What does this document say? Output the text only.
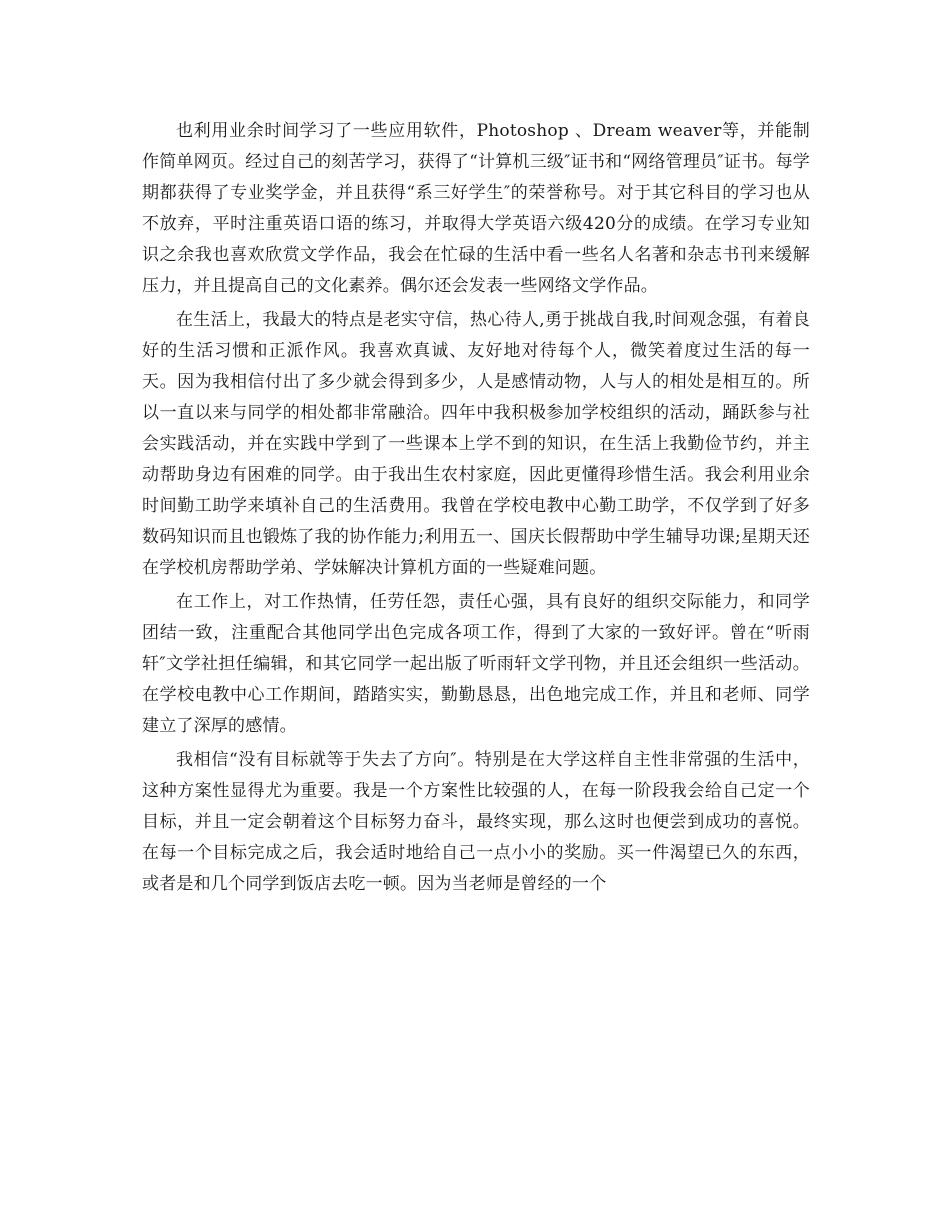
也利用业余时间学习了一些应用软件，Photoshop 、Dream weaver等，并能制作简单网页。经过自己的刻苦学习，获得了“计算机三级″证书和“网络管理员″证书。每学期都获得了专业奖学金，并且获得“系三好学生″的荣誉称号。对于其它科目的学习也从不放弃，平时注重英语口语的练习，并取得大学英语六级420分的成绩。在学习专业知识之余我也喜欢欣赏文学作品，我会在忙碌的生活中看一些名人名著和杂志书刊来缓解压力，并且提高自己的文化素养。偶尔还会发表一些网络文学作品。

在生活上，我最大的特点是老实守信，热心待人,勇于挑战自我,时间观念强，有着良好的生活习惯和正派作风。我喜欢真诚、友好地对待每个人，微笑着度过生活的每一天。因为我相信付出了多少就会得到多少，人是感情动物，人与人的相处是相互的。所以一直以来与同学的相处都非常融洽。四年中我积极参加学校组织的活动，踊跃参与社会实践活动，并在实践中学到了一些课本上学不到的知识，在生活上我勤俭节约，并主动帮助身边有困难的同学。由于我出生农村家庭，因此更懂得珍惜生活。我会利用业余时间勤工助学来填补自己的生活费用。我曾在学校电教中心勤工助学，不仅学到了好多数码知识而且也锻炼了我的协作能力;利用五一、国庆长假帮助中学生辅导功课;星期天还在学校机房帮助学弟、学妹解决计算机方面的一些疑难问题。

在工作上，对工作热情，任劳任怨，责任心强，具有良好的组织交际能力，和同学团结一致，注重配合其他同学出色完成各项工作，得到了大家的一致好评。曾在“听雨轩″文学社担任编辑，和其它同学一起出版了听雨轩文学刊物，并且还会组织一些活动。在学校电教中心工作期间，踏踏实实，勤勤恳恳，出色地完成工作，并且和老师、同学建立了深厚的感情。

我相信“没有目标就等于失去了方向″。特别是在大学这样自主性非常强的生活中，这种方案性显得尤为重要。我是一个方案性比较强的人，在每一阶段我会给自己定一个目标，并且一定会朝着这个目标努力奋斗，最终实现，那么这时也便尝到成功的喜悦。在每一个目标完成之后，我会适时地给自己一点小小的奖励。买一件渴望已久的东西，或者是和几个同学到饭店去吃一顿。因为当老师是曾经的一个
